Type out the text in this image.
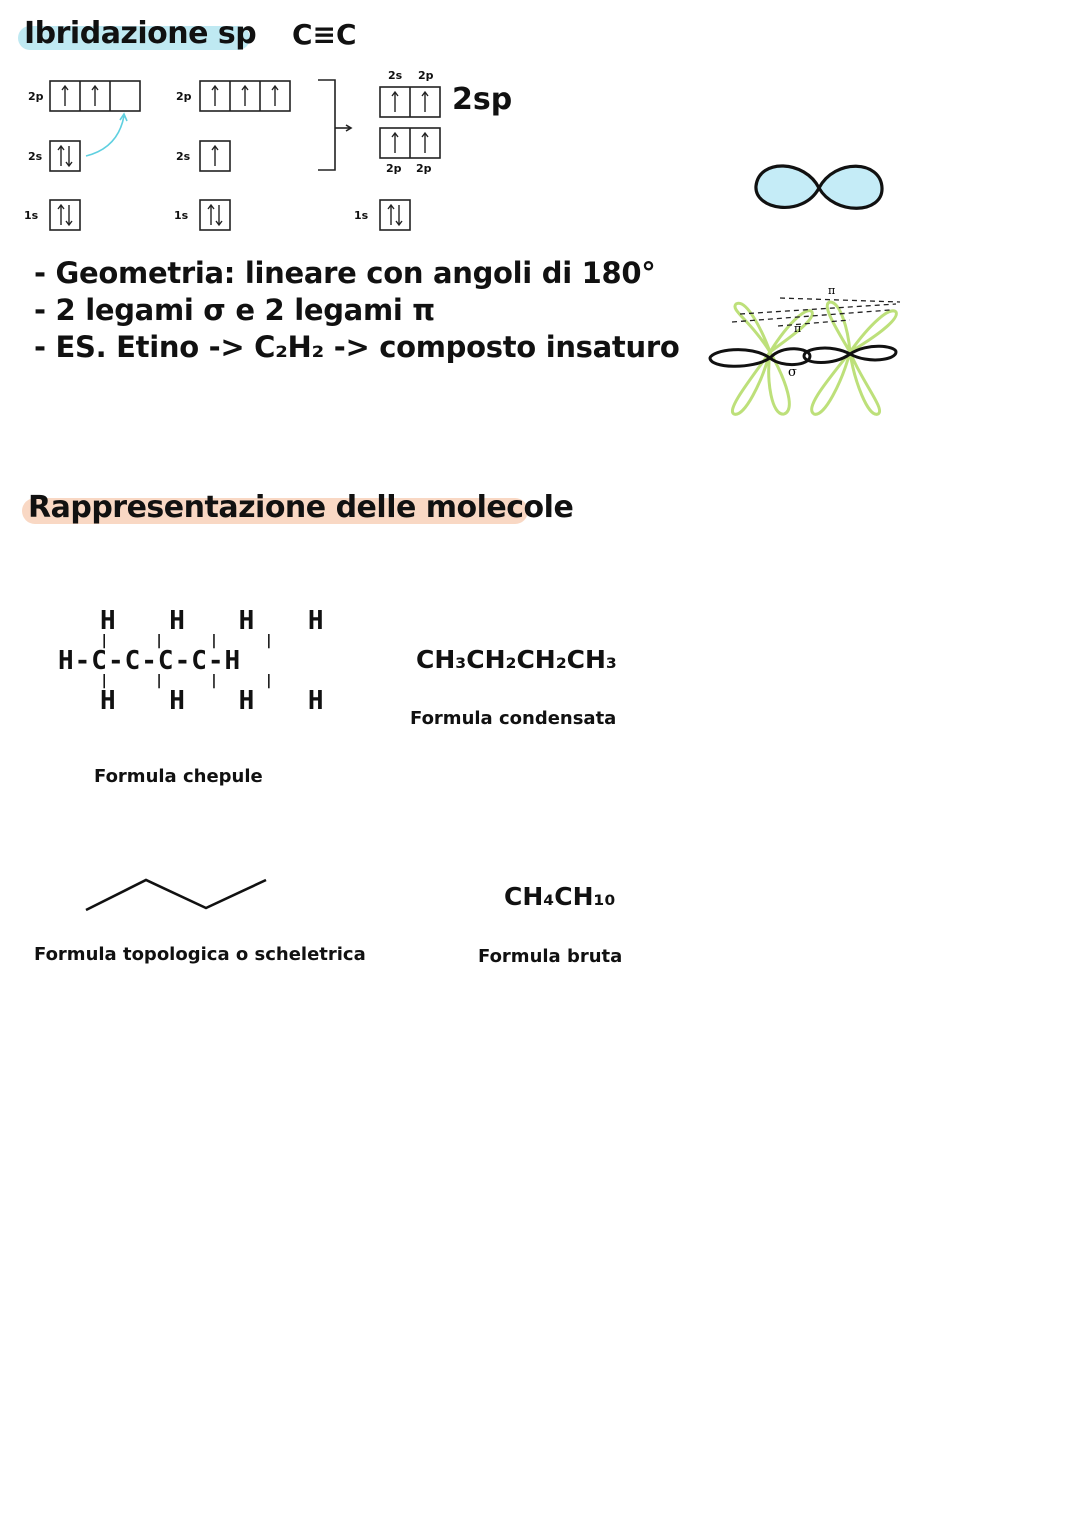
Ibridazione sp C≡C
2p
2s
1s
2p
2s
1s
2s 2p
2p 2p
1s
2sp
π
π
σ
- Geometria: lineare con angoli di 180°
- 2 legami σ e 2 legami π
- ES. Etino -> C₂H₂ -> composto insaturo
Rappresentazione delle molecole
H H H H
| | | |
H-C-C-C-C-H
| | | |
H H H H
Formula chepule
CH₃CH₂CH₂CH₃
Formula condensata
Formula topologica o scheletrica
CH₄CH₁₀
Formula bruta
